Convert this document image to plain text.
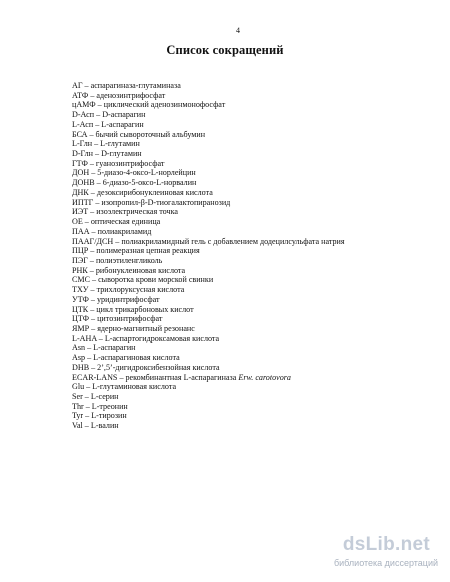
4
Список сокращений
АГ – аспарагиназа-глутаминаза
АТФ – аденозинтрифосфат
цАМФ – циклический аденозинмонофосфат
D-Асп – D-аспарагин
L-Асп – L-аспарагин
БСА – бычий сывороточный альбумин
L-Глн – L-глутамин
D-Глн – D-глутамин
ГТФ – гуанозинтрифосфат
ДОН – 5-диазо-4-оксо-L-норлейцин
ДОНВ – 6-диазо-5-оксо-L-норвалин
ДНК – дезоксирибонуклеиновая кислота
ИПТГ – изопропил-β-D-тиогалактопиранозид
ИЭТ – изоэлектрическая точка
ОЕ – оптическая единица
ПАА – полиакриламид
ПААГ/ДСН – полиакриламидный гель с добавлением додецилсульфата натрия
ПЦР – полимеразная цепная реакция
ПЭГ – полиэтиленгликоль
РНК – рибонуклеиновая кислота
СМС – сыворотка крови морской свинки
ТХУ – трихлоруксусная кислота
УТФ – уридинтрифосфат
ЦТК – цикл трикарбоновых кислот
ЦТФ – цитозинтрифосфат
ЯМР – ядерно-магнитный резонанс
L-AHA – L-аспартогидроксамовая кислота
Asn – L-аспарагин
Asp – L-аспарагиновая кислота
DHB – 2’,5’-дигидроксибензойная кислота
ECAR-LANS – рекомбинантная L-аспарагиназа Erw. carotovora
Glu – L-глутаминовая кислота
Ser – L-серин
Thr – L-треонин
Tyr – L-тирозин
Val – L-валин
dsLib.net
библиотека диссертаций
